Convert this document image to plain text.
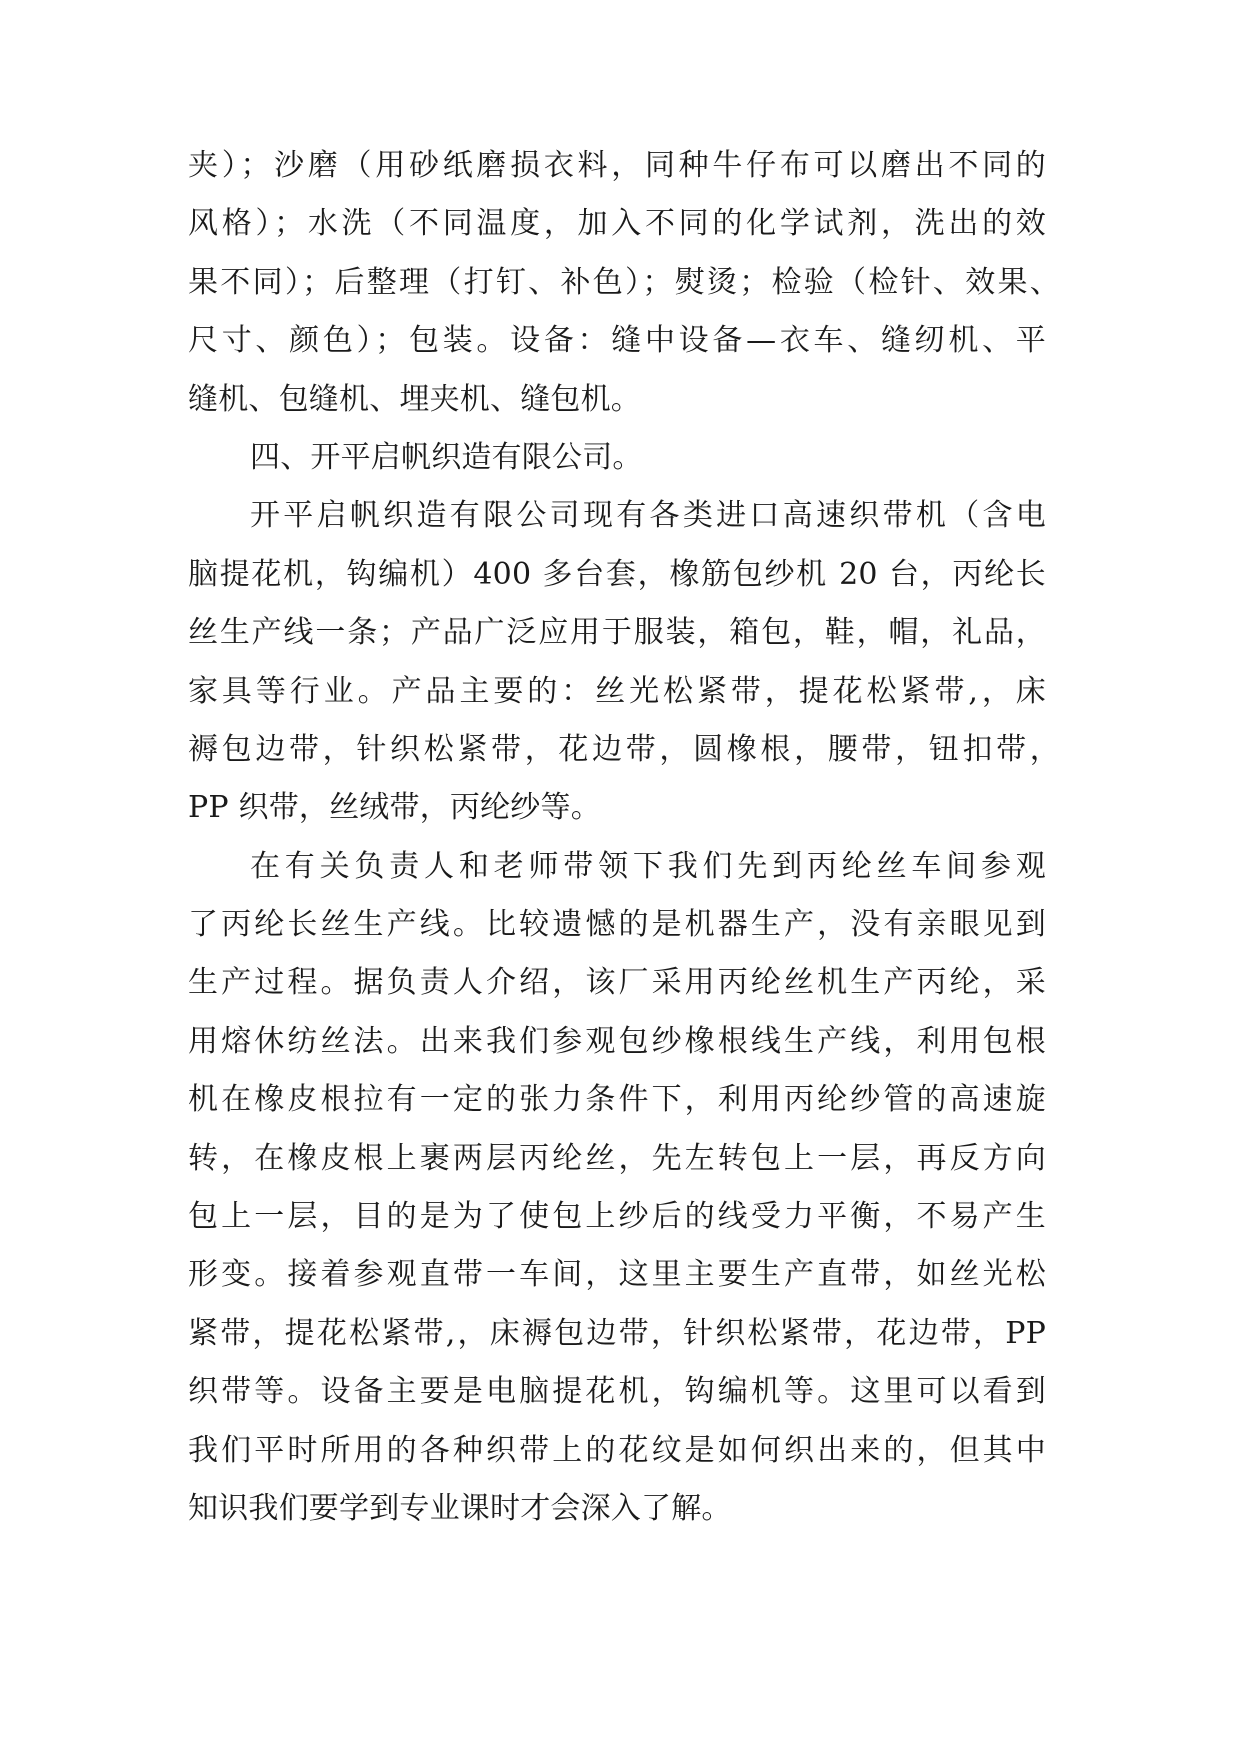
夹）；沙磨（用砂纸磨损衣料，同种牛仔布可以磨出不同的
风格）；水洗（不同温度，加入不同的化学试剂，洗出的效
果不同）；后整理（打钉、补色）；熨烫；检验（检针、效果、
尺寸、颜色）；包装。设备：缝中设备—衣车、缝纫机、平
缝机、包缝机、埋夹机、缝包机。
四、开平启帆织造有限公司。
开平启帆织造有限公司现有各类进口高速织带机（含电
脑提花机，钩编机）400 多台套，橡筋包纱机 20 台，丙纶长
丝生产线一条；产品广泛应用于服装，箱包，鞋，帽，礼品，
家具等行业。产品主要的：丝光松紧带，提花松紧带,，床
褥包边带，针织松紧带，花边带，圆橡根，腰带，钮扣带，
PP 织带，丝绒带，丙纶纱等。
在有关负责人和老师带领下我们先到丙纶丝车间参观
了丙纶长丝生产线。比较遗憾的是机器生产，没有亲眼见到
生产过程。据负责人介绍，该厂采用丙纶丝机生产丙纶，采
用熔休纺丝法。出来我们参观包纱橡根线生产线，利用包根
机在橡皮根拉有一定的张力条件下，利用丙纶纱管的高速旋
转，在橡皮根上裹两层丙纶丝，先左转包上一层，再反方向
包上一层，目的是为了使包上纱后的线受力平衡，不易产生
形变。接着参观直带一车间，这里主要生产直带，如丝光松
紧带，提花松紧带,，床褥包边带，针织松紧带，花边带，PP
织带等。设备主要是电脑提花机，钩编机等。这里可以看到
我们平时所用的各种织带上的花纹是如何织出来的，但其中
知识我们要学到专业课时才会深入了解。
